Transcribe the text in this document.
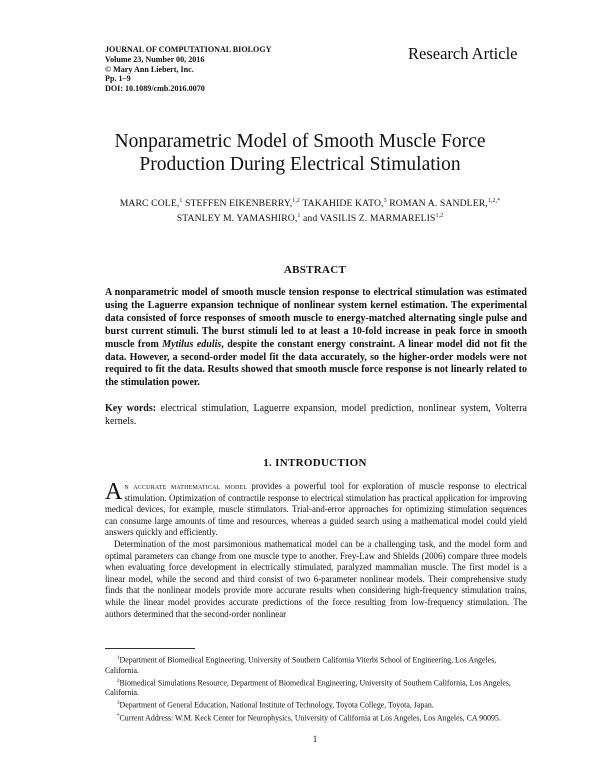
JOURNAL OF COMPUTATIONAL BIOLOGY
Volume 23, Number 00, 2016
© Mary Ann Liebert, Inc.
Pp. 1–9
DOI: 10.1089/cmb.2016.0070
Research Article
Nonparametric Model of Smooth Muscle Force
Production During Electrical Stimulation
MARC COLE,$^1$ STEFFEN EIKENBERRY,$^{1,2}$ TAKAHIDE KATO,$^3$ ROMAN A. SANDLER,$^{1,2,*}$
STANLEY M. YAMASHIRO,$^1$ and VASILIS Z. MARMARELIS$^{1,2}$
ABSTRACT
A nonparametric model of smooth muscle tension response to electrical stimulation was estimated using the Laguerre expansion technique of nonlinear system kernel estimation. The experimental data consisted of force responses of smooth muscle to energy-matched alternating single pulse and burst current stimuli. The burst stimuli led to at least a 10-fold increase in peak force in smooth muscle from Mytilus edulis, despite the constant energy constraint. A linear model did not fit the data. However, a second-order model fit the data accurately, so the higher-order models were not required to fit the data. Results showed that smooth muscle force response is not linearly related to the stimulation power.
Key words: electrical stimulation, Laguerre expansion, model prediction, nonlinear system, Volterra kernels.
1. INTRODUCTION

An accurate mathematical model provides a powerful tool for exploration of muscle response to electrical stimulation. Optimization of contractile response to electrical stimulation has practical application for improving medical devices, for example, muscle stimulators. Trial-and-error approaches for optimizing stimulation sequences can consume large amounts of time and resources, whereas a guided search using a mathematical model could yield answers quickly and efficiently.

Determination of the most parsimonious mathematical model can be a challenging task, and the model form and optimal parameters can change from one muscle type to another. Frey-Law and Shields (2006) compare three models when evaluating force development in electrically stimulated, paralyzed mammalian muscle. The first model is a linear model, while the second and third consist of two 6-parameter nonlinear models. Their comprehensive study finds that the nonlinear models provide more accurate results when considering high-frequency stimulation trains, while the linear model provides accurate predictions of the force resulting from low-frequency stimulation. The authors determined that the second-order nonlinear

$^1$Department of Biomedical Engineering, University of Southern California Viterbi School of Engineering, Los Angeles, California.

$^2$Biomedical Simulations Resource, Department of Biomedical Engineering, University of Southern California, Los Angeles, California.

$^3$Department of General Education, National Institute of Technology, Toyota College, Toyota, Japan.

*Current Address: W.M. Keck Center for Neurophysics, University of California at Los Angeles, Los Angeles, CA 90095.

1
